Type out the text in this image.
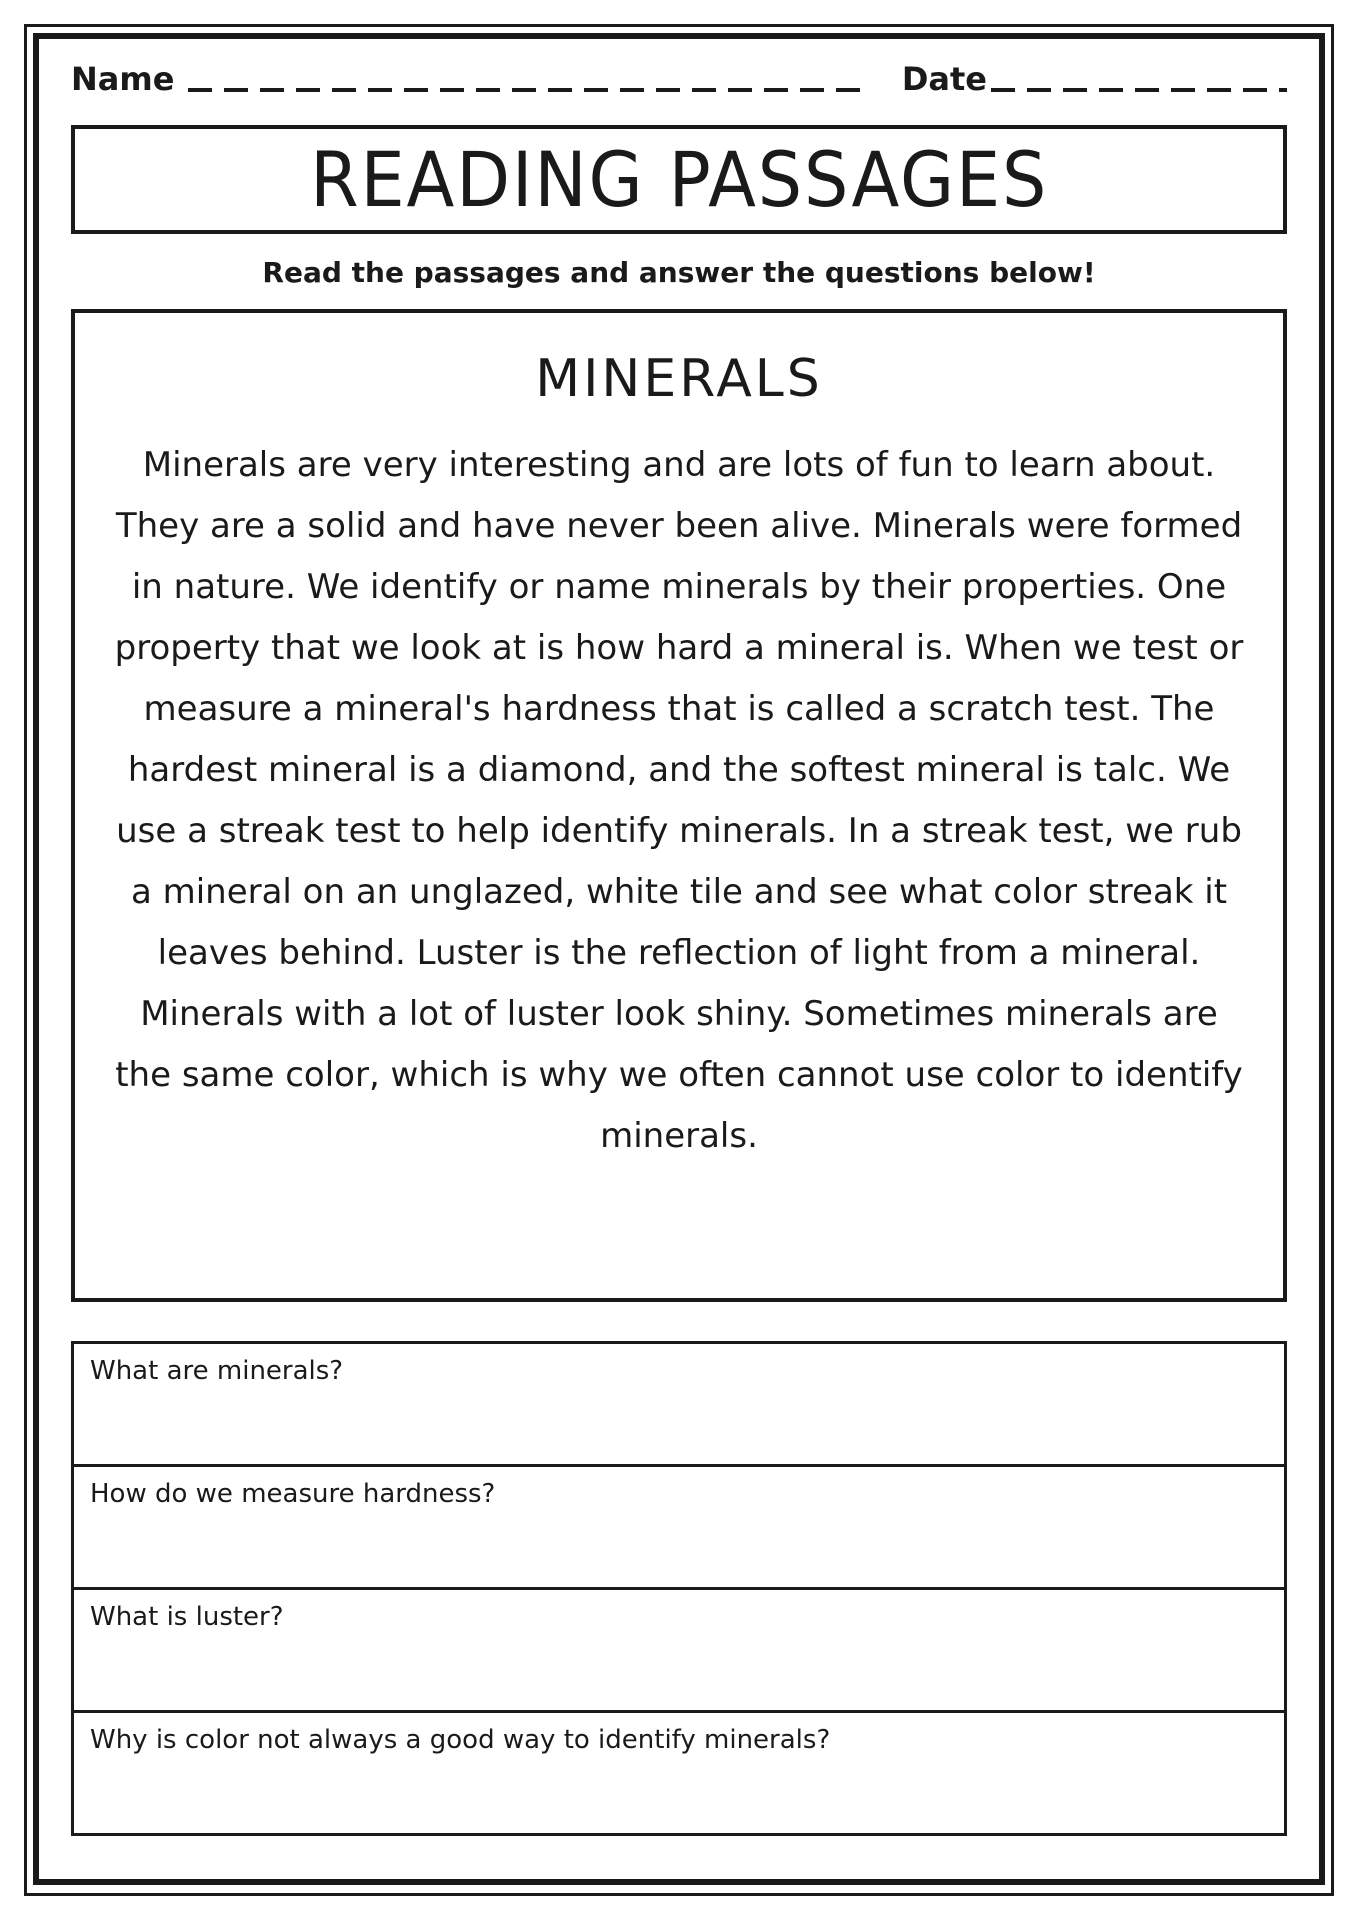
Name	Date
READING PASSAGES
Read the passages and answer the questions below!
MINERALS
Minerals are very interesting and are lots of fun to learn about. They are a solid and have never been alive. Minerals were formed in nature. We identify or name minerals by their properties. One property that we look at is how hard a mineral is. When we test or measure a mineral's hardness that is called a scratch test. The hardest mineral is a diamond, and the softest mineral is talc. We use a streak test to help identify minerals. In a streak test, we rub a mineral on an unglazed, white tile and see what color streak it leaves behind. Luster is the reflection of light from a mineral. Minerals with a lot of luster look shiny. Sometimes minerals are the same color, which is why we often cannot use color to identify minerals.
What are minerals?
How do we measure hardness?
What is luster?
Why is color not always a good way to identify minerals?
